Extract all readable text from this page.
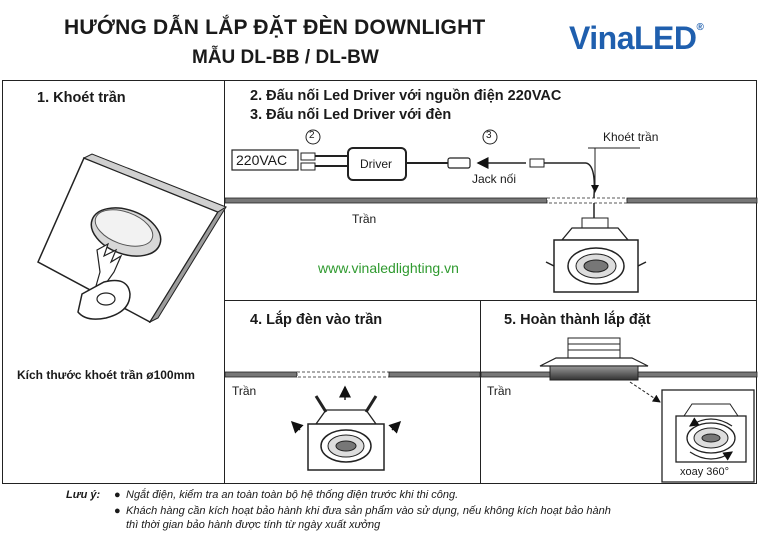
HƯỚNG DẪN LẮP ĐẶT ĐÈN DOWNLIGHT
MẪU DL-BB / DL-BW
VinaLED®
1. Khoét trần
Kích thước khoét trần ø100mm
2. Đấu nối Led Driver với nguồn điện 220VAC
3. Đấu nối Led Driver với đèn
2	3
220VAC	Driver
Jack nối
Khoét trần
Trần
www.vinaledlighting.vn
4. Lắp đèn vào trần
Trần
5. Hoàn thành lắp đặt
Trần
xoay 360°
Lưu ý: ● Ngắt điện, kiểm tra an toàn toàn bộ hệ thống điện trước khi thi công.
● Khách hàng cần kích hoạt bảo hành khi đưa sản phẩm vào sử dụng, nếu không kích hoạt bảo hành
thì thời gian bảo hành được tính từ ngày xuất xưởng
